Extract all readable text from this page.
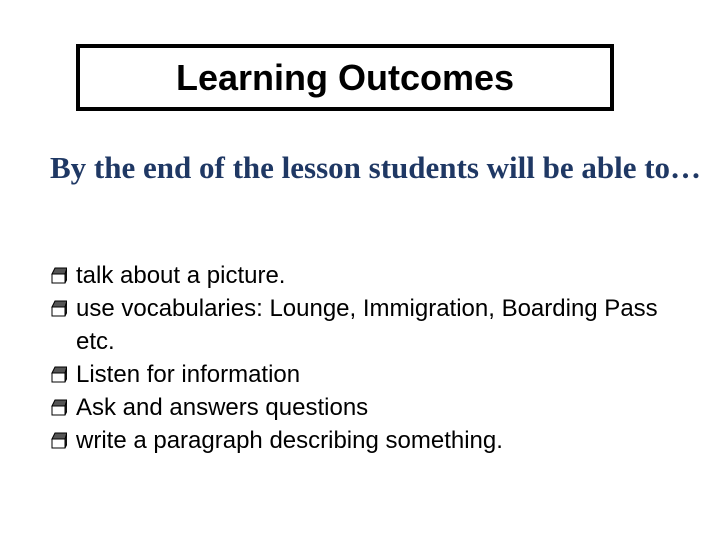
Learning Outcomes
By the end of the lesson students will be able to…
talk about a picture.
use vocabularies: Lounge, Immigration, Boarding Pass etc.
Listen for information
Ask and answers questions
write a paragraph describing something.
